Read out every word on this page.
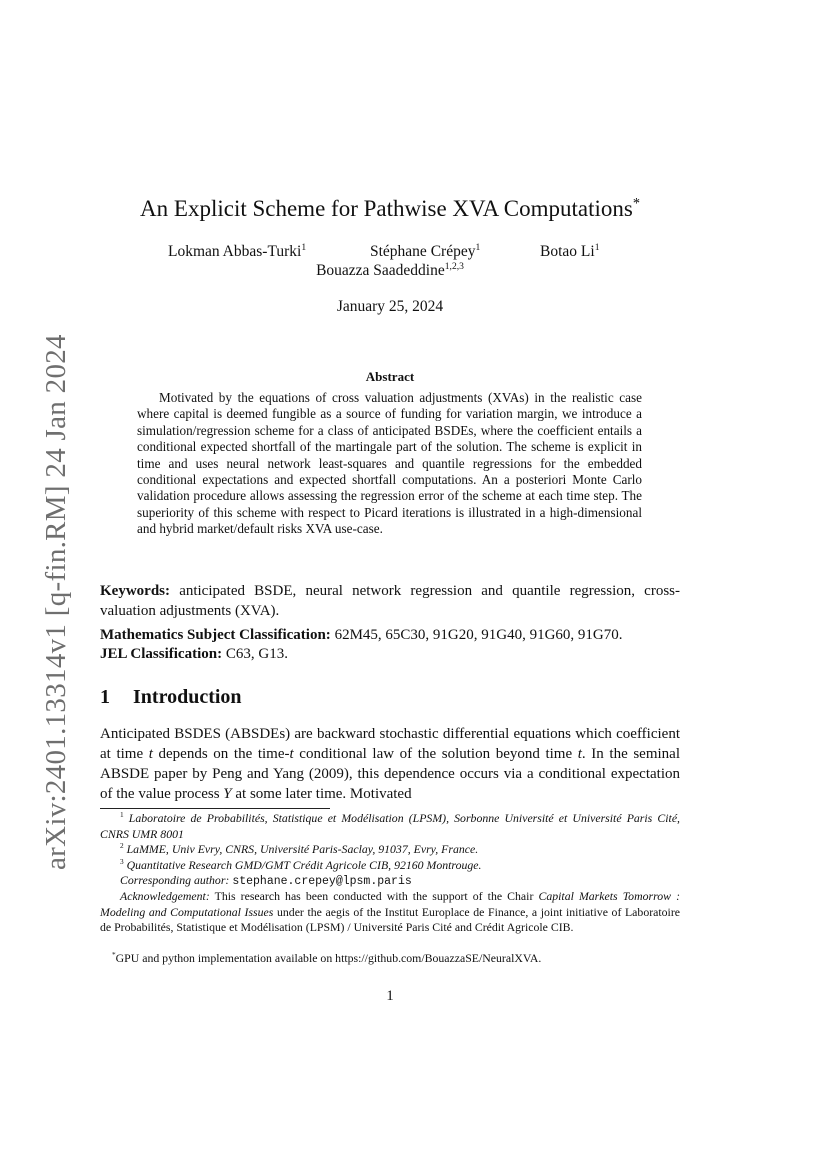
arXiv:2401.13314v1 [q-fin.RM] 24 Jan 2024
An Explicit Scheme for Pathwise XVA Computations*
Lokman Abbas-Turki$^1$	Stéphane Crépey$^1$	Botao Li$^1$
Bouazza Saadeddine$^{1,2,3}$
January 25, 2024
Abstract
Motivated by the equations of cross valuation adjustments (XVAs) in the realistic case where capital is deemed fungible as a source of funding for variation margin, we introduce a simulation/regression scheme for a class of anticipated BSDEs, where the coefficient entails a conditional expected shortfall of the martingale part of the solution. The scheme is explicit in time and uses neural network least-squares and quantile regressions for the embedded conditional expectations and expected shortfall computations. An a posteriori Monte Carlo validation procedure allows assessing the regression error of the scheme at each time step. The superiority of this scheme with respect to Picard iterations is illustrated in a high-dimensional and hybrid market/default risks XVA use-case.
Keywords: anticipated BSDE, neural network regression and quantile regression, cross-valuation adjustments (XVA).
Mathematics Subject Classification: 62M45, 65C30, 91G20, 91G40, 91G60, 91G70.
JEL Classification: C63, G13.
1 Introduction
Anticipated BSDES (ABSDEs) are backward stochastic differential equations which coefficient at time t depends on the time-t conditional law of the solution beyond time t. In the seminal ABSDE paper by Peng and Yang (2009), this dependence occurs via a conditional expectation of the value process Y at some later time. Motivated
$^1$ Laboratoire de Probabilités, Statistique et Modélisation (LPSM), Sorbonne Université et Université Paris Cité, CNRS UMR 8001
$^2$ LaMME, Univ Evry, CNRS, Université Paris-Saclay, 91037, Evry, France.
$^3$ Quantitative Research GMD/GMT Crédit Agricole CIB, 92160 Montrouge.
Corresponding author: stephane.crepey@lpsm.paris
Acknowledgement: This research has been conducted with the support of the Chair Capital Markets Tomorrow : Modeling and Computational Issues under the aegis of the Institut Europlace de Finance, a joint initiative of Laboratoire de Probabilités, Statistique et Modélisation (LPSM) / Université Paris Cité and Crédit Agricole CIB.
*GPU and python implementation available on https://github.com/BouazzaSE/NeuralXVA.
1
